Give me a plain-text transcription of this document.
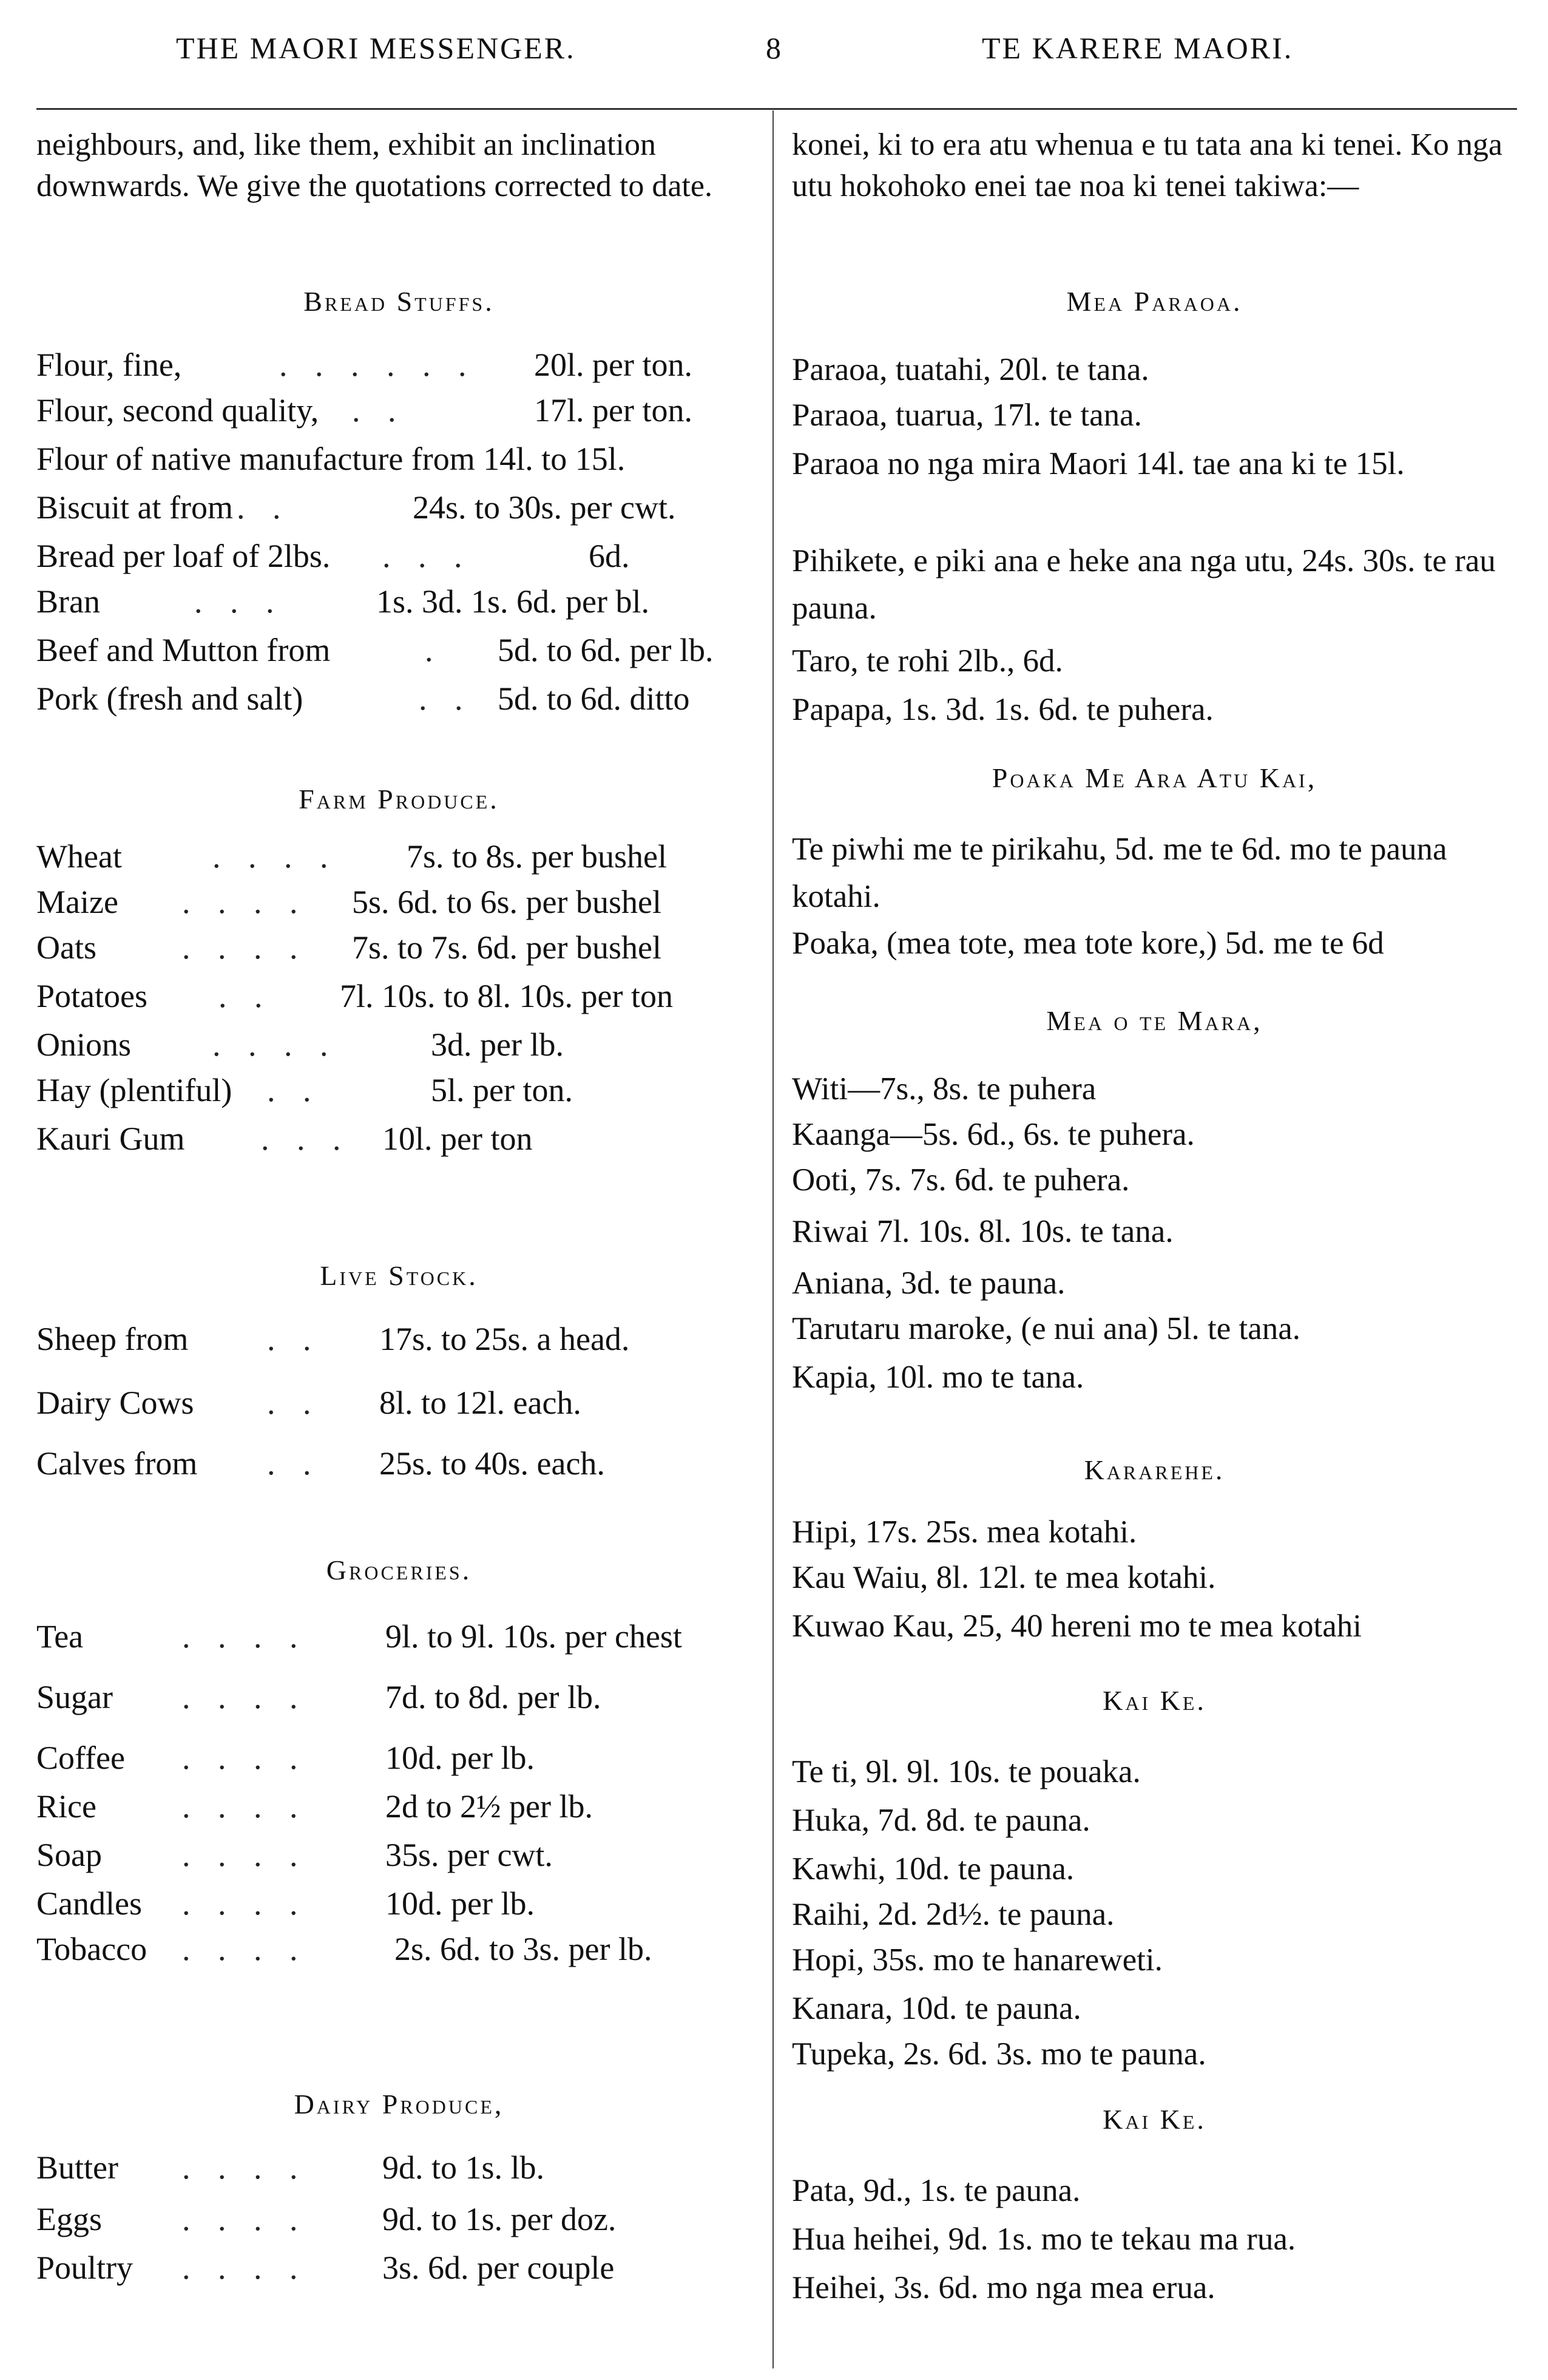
THE MAORI MESSENGER.	8	TE KARERE MAORI.
neighbours, and, like them, exhibit an inclination downwards. We give the quotations corrected to date.
Bread Stuffs.
Flour, fine,	. . . . . . 20l. per ton.
Flour, second quality, . .	17l. per ton.
Flour of native manufacture from 14l. to 15l.
Biscuit at from . .	24s. to 30s. per cwt.
Bread per loaf of 2lbs. . . .	6d.
Bran	. . .	1s. 3d. 1s. 6d. per bl.
Beef and Mutton from	. 5d. to 6d. per lb.
Pork (fresh and salt)	. . 5d. to 6d. ditto
Farm Produce.
Wheat	. . . . 7s. to 8s. per bushel
Maize . . . . 5s. 6d. to 6s. per bushel
Oats	. . . . 7s. to 7s. 6d. per bushel
Potatoes . . 7l. 10s. to 8l. 10s. per ton
Onions . . . .	3d. per lb.
Hay (plentiful) . .	5l. per ton.
Kauri Gum . . . 10l. per ton
Live Stock.
Sheep from . . 17s. to 25s. a head.
Dairy Cows . . 8l. to 12l. each.
Calves from . . 25s. to 40s. each.
Groceries.
Tea	. . . . 9l. to 9l. 10s. per chest
Sugar . . . . 7d. to 8d. per lb.
Coffee . . . . 10d. per lb.
Rice	. . . . 2d to 2½ per lb.
Soap . . . . 35s. per cwt.
Candles . . . . 10d. per lb.
Tobacco . . . .	2s. 6d. to 3s. per lb.
Dairy Produce,
Butter . . . . 9d. to 1s. lb.
Eggs . . . . 9d. to 1s. per doz.
Poultry . . . . 3s. 6d. per couple
konei, ki to era atu whenua e tu tata ana ki tenei. Ko nga utu hokohoko enei tae noa ki tenei takiwa:—
Mea Paraoa.
Paraoa, tuatahi, 20l. te tana.
Paraoa, tuarua, 17l. te tana.
Paraoa no nga mira Maori 14l. tae ana ki te 15l.
Pihikete, e piki ana e heke ana nga utu, 24s. 30s. te rau pauna.
Taro, te rohi 2lb., 6d.
Papapa, 1s. 3d. 1s. 6d. te puhera.
Poaka Me Ara Atu Kai,
Te piwhi me te pirikahu, 5d. me te 6d. mo te pauna kotahi.
Poaka, (mea tote, mea tote kore,) 5d. me te 6d
Mea o te Mara,
Witi—7s., 8s. te puhera
Kaanga—5s. 6d., 6s. te puhera.
Ooti, 7s. 7s. 6d. te puhera.
Riwai 7l. 10s. 8l. 10s. te tana.
Aniana, 3d. te pauna.
Tarutaru maroke, (e nui ana) 5l. te tana.
Kapia, 10l. mo te tana.
Kararehe.
Hipi, 17s. 25s. mea kotahi.
Kau Waiu, 8l. 12l. te mea kotahi.
Kuwao Kau, 25, 40 hereni mo te mea kotahi
Kai Ke.
Te ti, 9l. 9l. 10s. te pouaka.
Huka, 7d. 8d. te pauna.
Kawhi, 10d. te pauna.
Raihi, 2d. 2d½. te pauna.
Hopi, 35s. mo te hanareweti.
Kanara, 10d. te pauna.
Tupeka, 2s. 6d. 3s. mo te pauna.
Kai Ke.
Pata, 9d., 1s. te pauna.
Hua heihei, 9d. 1s. mo te tekau ma rua.
Heihei, 3s. 6d. mo nga mea erua.
